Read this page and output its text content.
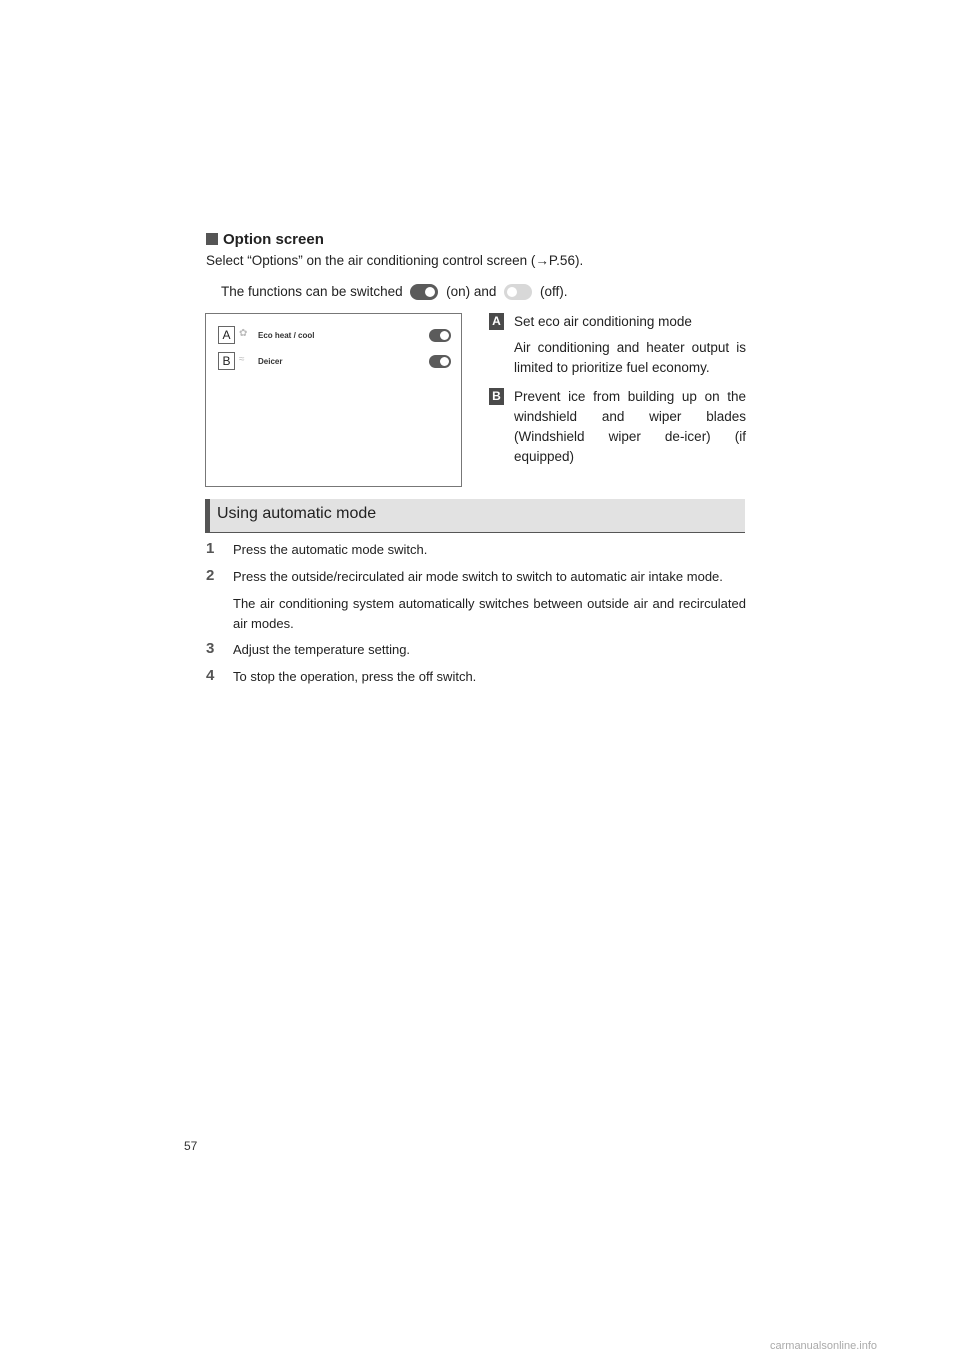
Option screen
Select “Options” on the air conditioning control screen (→P.56).
The functions can be switched	(on) and	(off).
A ✿ Eco heat / cool
B ≈ Deicer
A Set eco air conditioning mode
Air conditioning and heater output is limited to prioritize fuel economy.
B Prevent ice from building up on the windshield and wiper blades (Windshield wiper de-icer) (if equipped)
Using automatic mode
1 Press the automatic mode switch.
2 Press the outside/recirculated air mode switch to switch to automatic air intake mode.
The air conditioning system automatically switches between outside air and recirculated air modes.
3 Adjust the temperature setting.
4 To stop the operation, press the off switch.
57
carmanualsonline.info
